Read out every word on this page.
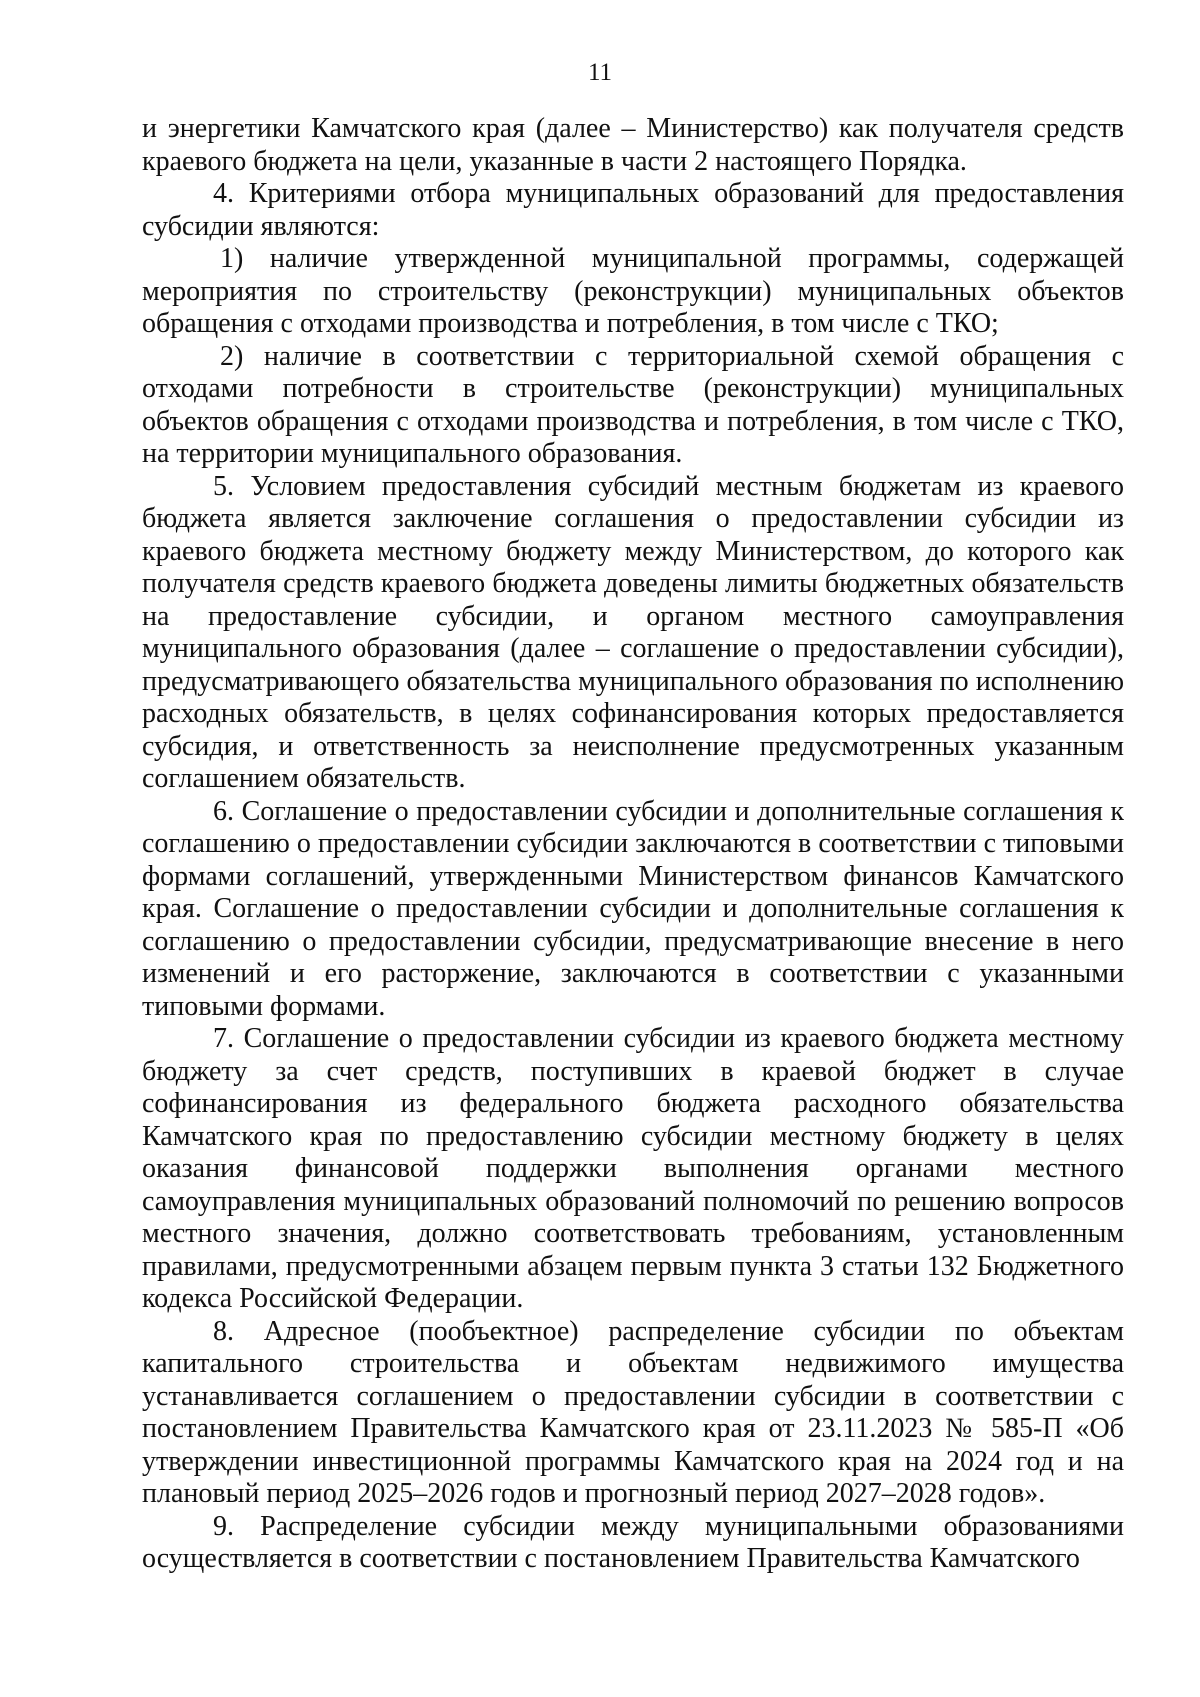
11

и энергетики Камчатского края (далее – Министерство) как получателя средств краевого бюджета на цели, указанные в части 2 настоящего Порядка.

4. Критериями отбора муниципальных образований для предоставления субсидии являются:

1) наличие утвержденной муниципальной программы, содержащей мероприятия по строительству (реконструкции) муниципальных объектов обращения с отходами производства и потребления, в том числе с ТКО;

2) наличие в соответствии с территориальной схемой обращения с отходами потребности в строительстве (реконструкции) муниципальных объектов обращения с отходами производства и потребления, в том числе с ТКО, на территории муниципального образования.

5. Условием предоставления субсидий местным бюджетам из краевого бюджета является заключение соглашения о предоставлении субсидии из краевого бюджета местному бюджету между Министерством, до которого как получателя средств краевого бюджета доведены лимиты бюджетных обязательств на предоставление субсидии, и органом местного самоуправления муниципального образования (далее – соглашение о предоставлении субсидии), предусматривающего обязательства муниципального образования по исполнению расходных обязательств, в целях софинансирования которых предоставляется субсидия, и ответственность за неисполнение предусмотренных указанным соглашением обязательств.

6. Соглашение о предоставлении субсидии и дополнительные соглашения к соглашению о предоставлении субсидии заключаются в соответствии с типовыми формами соглашений, утвержденными Министерством финансов Камчатского края. Соглашение о предоставлении субсидии и дополнительные соглашения к соглашению о предоставлении субсидии, предусматривающие внесение в него изменений и его расторжение, заключаются в соответствии с указанными типовыми формами.

7. Соглашение о предоставлении субсидии из краевого бюджета местному бюджету за счет средств, поступивших в краевой бюджет в случае софинансирования из федерального бюджета расходного обязательства Камчатского края по предоставлению субсидии местному бюджету в целях оказания финансовой поддержки выполнения органами местного самоуправления муниципальных образований полномочий по решению вопросов местного значения, должно соответствовать требованиям, установленным правилами, предусмотренными абзацем первым пункта 3 статьи 132 Бюджетного кодекса Российской Федерации.

8. Адресное (пообъектное) распределение субсидии по объектам капитального строительства и объектам недвижимого имущества устанавливается соглашением о предоставлении субсидии в соответствии с постановлением Правительства Камчатского края от 23.11.2023 № 585-П «Об утверждении инвестиционной программы Камчатского края на 2024 год и на плановый период 2025–2026 годов и прогнозный период 2027–2028 годов».

9. Распределение субсидии между муниципальными образованиями осуществляется в соответствии с постановлением Правительства Камчатского
